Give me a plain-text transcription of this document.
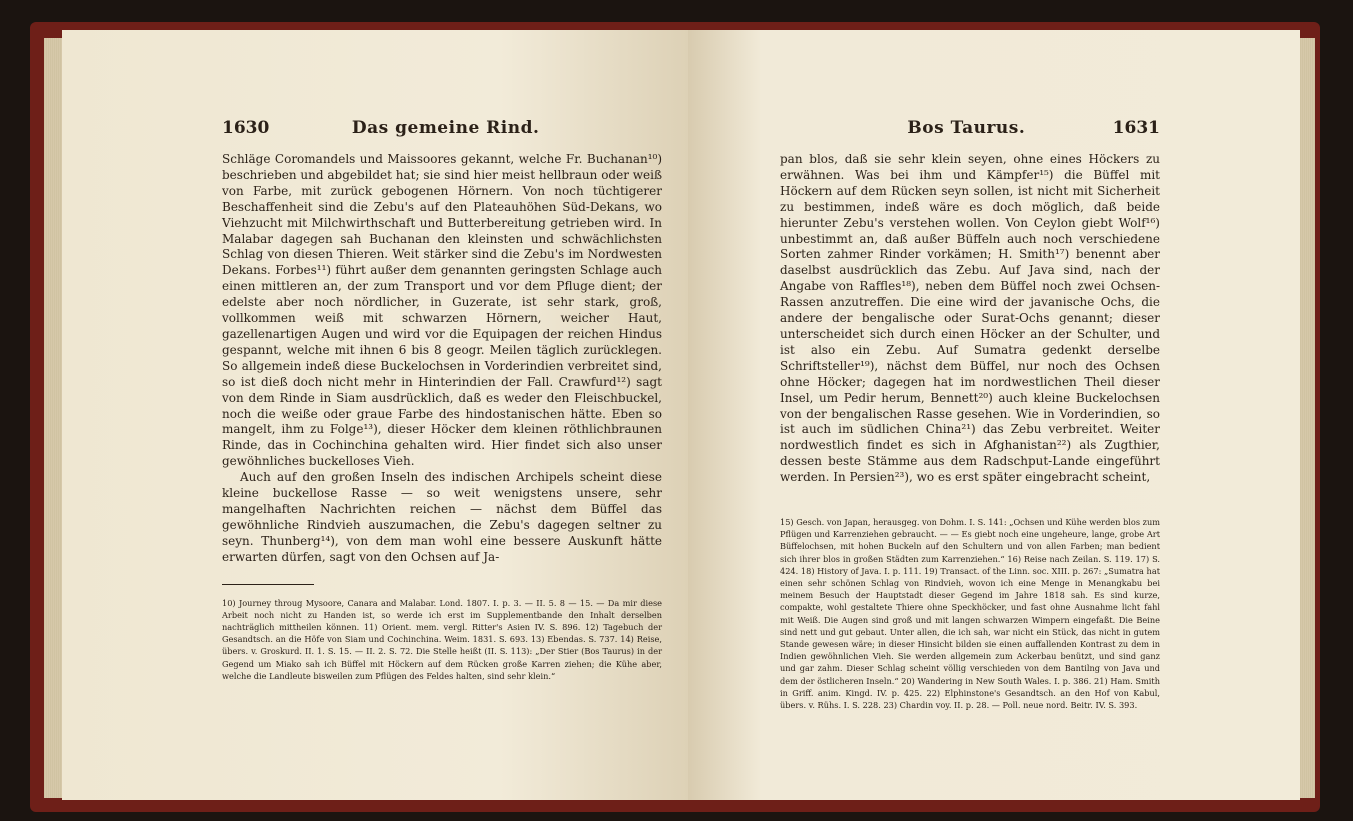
1630	Das gemeine Rind.

Schläge Coromandels und Maissoores gekannt, welche Fr. Buchanan¹⁰) beschrieben und abgebildet hat; sie sind hier meist hellbraun oder weiß von Farbe, mit zurück gebogenen Hörnern. Von noch tüchtigerer Beschaffenheit sind die Zebu's auf den Plateauhöhen Süd-Dekans, wo Viehzucht mit Milchwirthschaft und Butterbereitung getrieben wird. In Malabar dagegen sah Buchanan den kleinsten und schwächlichsten Schlag von diesen Thieren. Weit stärker sind die Zebu's im Nordwesten Dekans. Forbes¹¹) führt außer dem genannten geringsten Schlage auch einen mittleren an, der zum Transport und vor dem Pfluge dient; der edelste aber noch nördlicher, in Guzerate, ist sehr stark, groß, vollkommen weiß mit schwarzen Hörnern, weicher Haut, gazellenartigen Augen und wird vor die Equipagen der reichen Hindus gespannt, welche mit ihnen 6 bis 8 geogr. Meilen täglich zurücklegen. So allgemein indeß diese Buckelochsen in Vorderindien verbreitet sind, so ist dieß doch nicht mehr in Hinterindien der Fall. Crawfurd¹²) sagt von dem Rinde in Siam ausdrücklich, daß es weder den Fleischbuckel, noch die weiße oder graue Farbe des hindostanischen hätte. Eben so mangelt, ihm zu Folge¹³), dieser Höcker dem kleinen röthlichbraunen Rinde, das in Cochinchina gehalten wird. Hier findet sich also unser gewöhnliches buckelloses Vieh.

Auch auf den großen Inseln des indischen Archipels scheint diese kleine buckellose Rasse — so weit wenigstens unsere, sehr mangelhaften Nachrichten reichen — nächst dem Büffel das gewöhnliche Rindvieh auszumachen, die Zebu's dagegen seltner zu seyn. Thunberg¹⁴), von dem man wohl eine bessere Auskunft hätte erwarten dürfen, sagt von den Ochsen auf Ja-

10) Journey throug Mysoore, Canara and Malabar. Lond. 1807. I. p. 3. — II. 5. 8 — 15. — Da mir diese Arbeit noch nicht zu Handen ist, so werde ich erst im Supplementbande den Inhalt derselben nachträglich mittheilen können. 11) Orient. mem. vergl. Ritter's Asien IV. S. 896. 12) Tagebuch der Gesandtsch. an die Höfe von Siam und Cochinchina. Weim. 1831. S. 693. 13) Ebendas. S. 737. 14) Reise, übers. v. Groskurd. II. 1. S. 15. — II. 2. S. 72. Die Stelle heißt (II. S. 113): „Der Stier (Bos Taurus) in der Gegend um Miako sah ich Büffel mit Höckern auf dem Rücken große Karren ziehen; die Kühe aber, welche die Landleute bisweilen zum Pflügen des Feldes halten, sind sehr klein.“

Bos Taurus.	1631

pan blos, daß sie sehr klein seyen, ohne eines Höckers zu erwähnen. Was bei ihm und Kämpfer¹⁵) die Büffel mit Höckern auf dem Rücken seyn sollen, ist nicht mit Sicherheit zu bestimmen, indeß wäre es doch möglich, daß beide hierunter Zebu's verstehen wollen. Von Ceylon giebt Wolf¹⁶) unbestimmt an, daß außer Büffeln auch noch verschiedene Sorten zahmer Rinder vorkämen; H. Smith¹⁷) benennt aber daselbst ausdrücklich das Zebu. Auf Java sind, nach der Angabe von Raffles¹⁸), neben dem Büffel noch zwei Ochsen-Rassen anzutreffen. Die eine wird der javanische Ochs, die andere der bengalische oder Surat-Ochs genannt; dieser unterscheidet sich durch einen Höcker an der Schulter, und ist also ein Zebu. Auf Sumatra gedenkt derselbe Schriftsteller¹⁹), nächst dem Büffel, nur noch des Ochsen ohne Höcker; dagegen hat im nordwestlichen Theil dieser Insel, um Pedir herum, Bennett²⁰) auch kleine Buckelochsen von der bengalischen Rasse gesehen. Wie in Vorderindien, so ist auch im südlichen China²¹) das Zebu verbreitet. Weiter nordwestlich findet es sich in Afghanistan²²) als Zugthier, dessen beste Stämme aus dem Radschput-Lande eingeführt werden. In Persien²³), wo es erst später eingebracht scheint,

15) Gesch. von Japan, herausgeg. von Dohm. I. S. 141: „Ochsen und Kühe werden blos zum Pflügen und Karrenziehen gebraucht. — — Es giebt noch eine ungeheure, lange, grobe Art Büffelochsen, mit hohen Buckeln auf den Schultern und von allen Farben; man bedient sich ihrer blos in großen Städten zum Karrenziehen.“ 16) Reise nach Zeilan. S. 119. 17) S. 424. 18) History of Java. I. p. 111. 19) Transact. of the Linn. soc. XIII. p. 267: „Sumatra hat einen sehr schönen Schlag von Rindvieh, wovon ich eine Menge in Menangkabu bei meinem Besuch der Hauptstadt dieser Gegend im Jahre 1818 sah. Es sind kurze, compakte, wohl gestaltete Thiere ohne Speckhöcker, und fast ohne Ausnahme licht fahl mit Weiß. Die Augen sind groß und mit langen schwarzen Wimpern eingefaßt. Die Beine sind nett und gut gebaut. Unter allen, die ich sah, war nicht ein Stück, das nicht in gutem Stande gewesen wäre; in dieser Hinsicht bilden sie einen auffallenden Kontrast zu dem in Indien gewöhnlichen Vieh. Sie werden allgemein zum Ackerbau benützt, und sind ganz und gar zahm. Dieser Schlag scheint völlig verschieden von dem Bantilng von Java und dem der östlicheren Inseln.“ 20) Wandering in New South Wales. I. p. 386. 21) Ham. Smith in Griff. anim. Kingd. IV. p. 425. 22) Elphinstone's Gesandtsch. an den Hof von Kabul, übers. v. Rühs. I. S. 228. 23) Chardin voy. II. p. 28. — Poll. neue nord. Beitr. IV. S. 393.
